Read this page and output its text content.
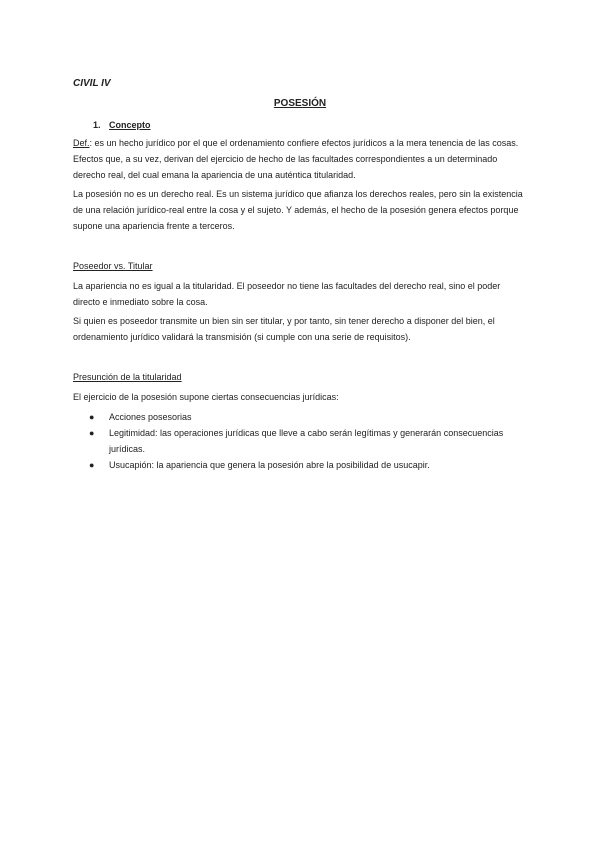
CIVIL IV

POSESIÓN

1. Concepto

Def.: es un hecho jurídico por el que el ordenamiento confiere efectos jurídicos a la mera tenencia de las cosas. Efectos que, a su vez, derivan del ejercicio de hecho de las facultades correspondientes a un determinado derecho real, del cual emana la apariencia de una auténtica titularidad.

La posesión no es un derecho real. Es un sistema jurídico que afianza los derechos reales, pero sin la existencia de una relación jurídico-real entre la cosa y el sujeto. Y además, el hecho de la posesión genera efectos porque supone una apariencia frente a terceros.

Poseedor vs. Titular

La apariencia no es igual a la titularidad. El poseedor no tiene las facultades del derecho real, sino el poder directo e inmediato sobre la cosa.

Si quien es poseedor transmite un bien sin ser titular, y por tanto, sin tener derecho a disponer del bien, el ordenamiento jurídico validará la transmisión (si cumple con una serie de requisitos).

Presunción de la titularidad

El ejercicio de la posesión supone ciertas consecuencias jurídicas:

● Acciones posesorias
● Legitimidad: las operaciones jurídicas que lleve a cabo serán legítimas y generarán consecuencias jurídicas.
● Usucapión: la apariencia que genera la posesión abre la posibilidad de usucapir.
